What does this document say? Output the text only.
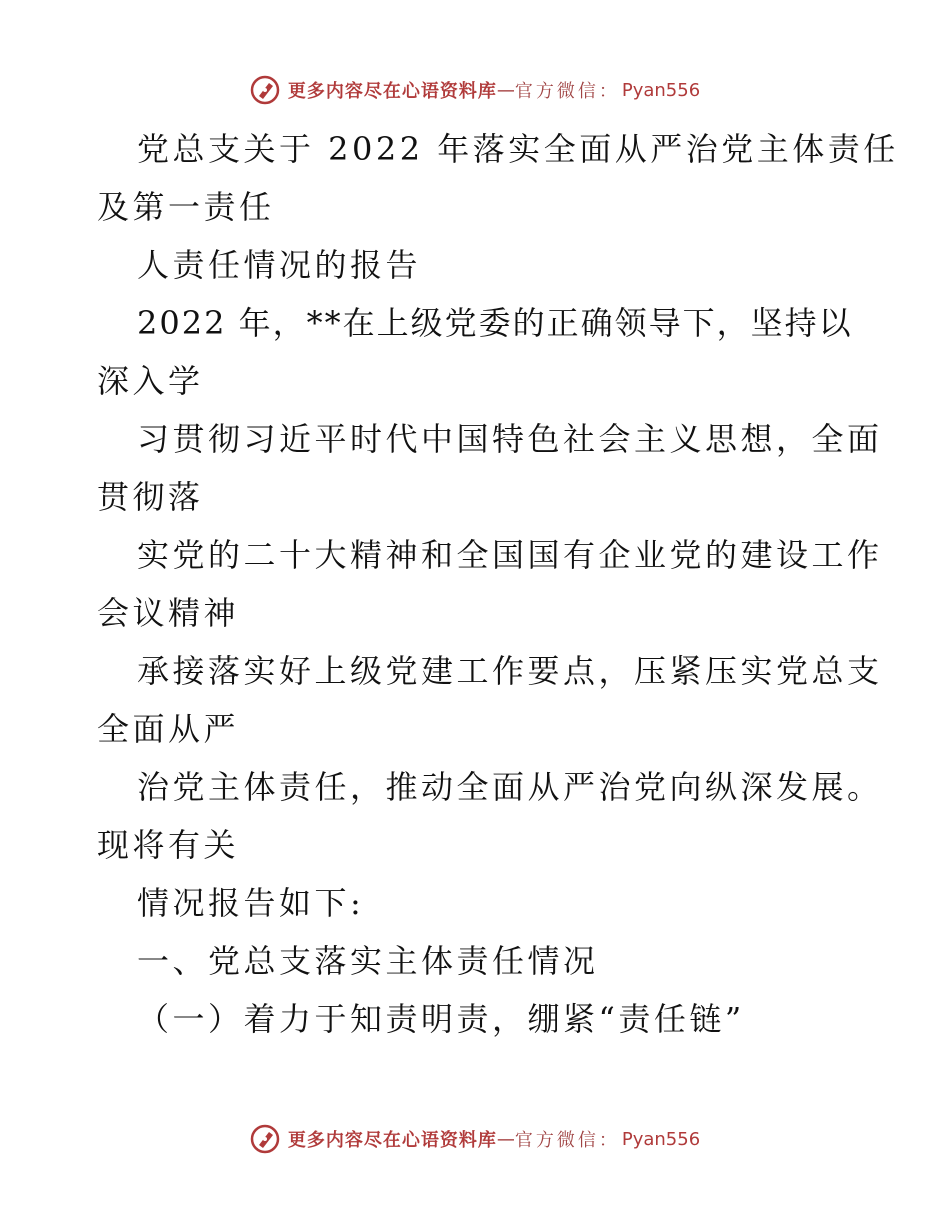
更多内容尽在心语资料库 — 官方微信： Pyan556
党总支关于 2022 年落实全面从严治党主体责任
及第一责任
人责任情况的报告
2022 年，**在上级党委的正确领导下，坚持以
深入学
习贯彻习近平时代中国特色社会主义思想，全面
贯彻落
实党的二十大精神和全国国有企业党的建设工作
会议精神
承接落实好上级党建工作要点，压紧压实党总支
全面从严
治党主体责任，推动全面从严治党向纵深发展。
现将有关
情况报告如下:
一、党总支落实主体责任情况
（一）着力于知责明责，绷紧“责任链”
更多内容尽在心语资料库 — 官方微信： Pyan556
